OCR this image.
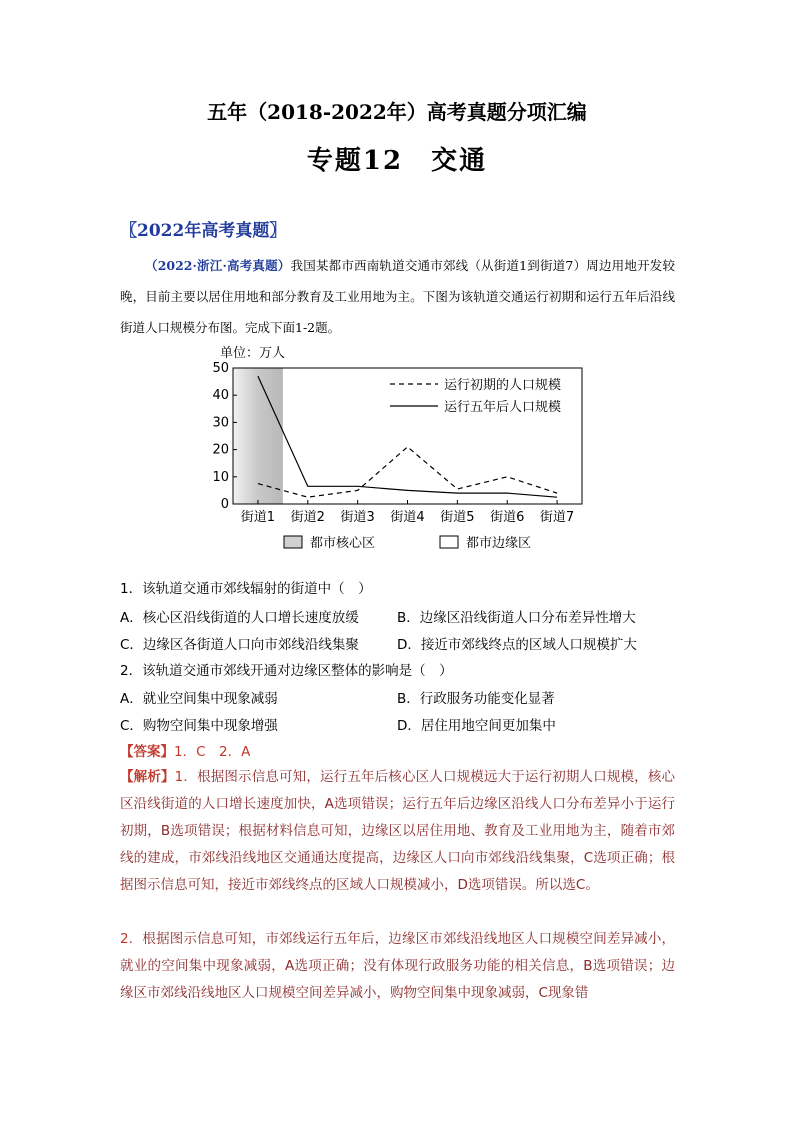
五年（2018-2022年）高考真题分项汇编
专题12　交通
〖2022年高考真题〗
（2022·浙江·高考真题）我国某都市西南轨道交通市郊线（从街道1到街道7）周边用地开发较晚，目前主要以居住用地和部分教育及工业用地为主。下图为该轨道交通运行初期和运行五年后沿线街道人口规模分布图。完成下面1-2题。
单位：万人
0
10
20
30
40
50
街道1 街道2 街道3 街道4 街道5 街道6 街道7
运行初期的人口规模
运行五年后人口规模
都市核心区	都市边缘区
1．该轨道交通市郊线辐射的街道中（　）
A．核心区沿线街道的人口增长速度放缓	B．边缘区沿线街道人口分布差异性增大
C．边缘区各街道人口向市郊线沿线集聚	D．接近市郊线终点的区域人口规模扩大
2．该轨道交通市郊线开通对边缘区整体的影响是（　）
A．就业空间集中现象减弱	B．行政服务功能变化显著
C．购物空间集中现象增强	D．居住用地空间更加集中
【答案】1．C　2．A
【解析】1．根据图示信息可知，运行五年后核心区人口规模远大于运行初期人口规模，核心区沿线街道的人口增长速度加快，A选项错误；运行五年后边缘区沿线人口分布差异小于运行初期，B选项错误；根据材料信息可知，边缘区以居住用地、教育及工业用地为主，随着市郊线的建成，市郊线沿线地区交通通达度提高，边缘区人口向市郊线沿线集聚，C选项正确；根据图示信息可知，接近市郊线终点的区域人口规模减小，D选项错误。所以选C。
2．根据图示信息可知，市郊线运行五年后，边缘区市郊线沿线地区人口规模空间差异减小，就业的空间集中现象减弱，A选项正确；没有体现行政服务功能的相关信息，B选项错误；边缘区市郊线沿线地区人口规模空间差异减小，购物空间集中现象减弱，C现象错
